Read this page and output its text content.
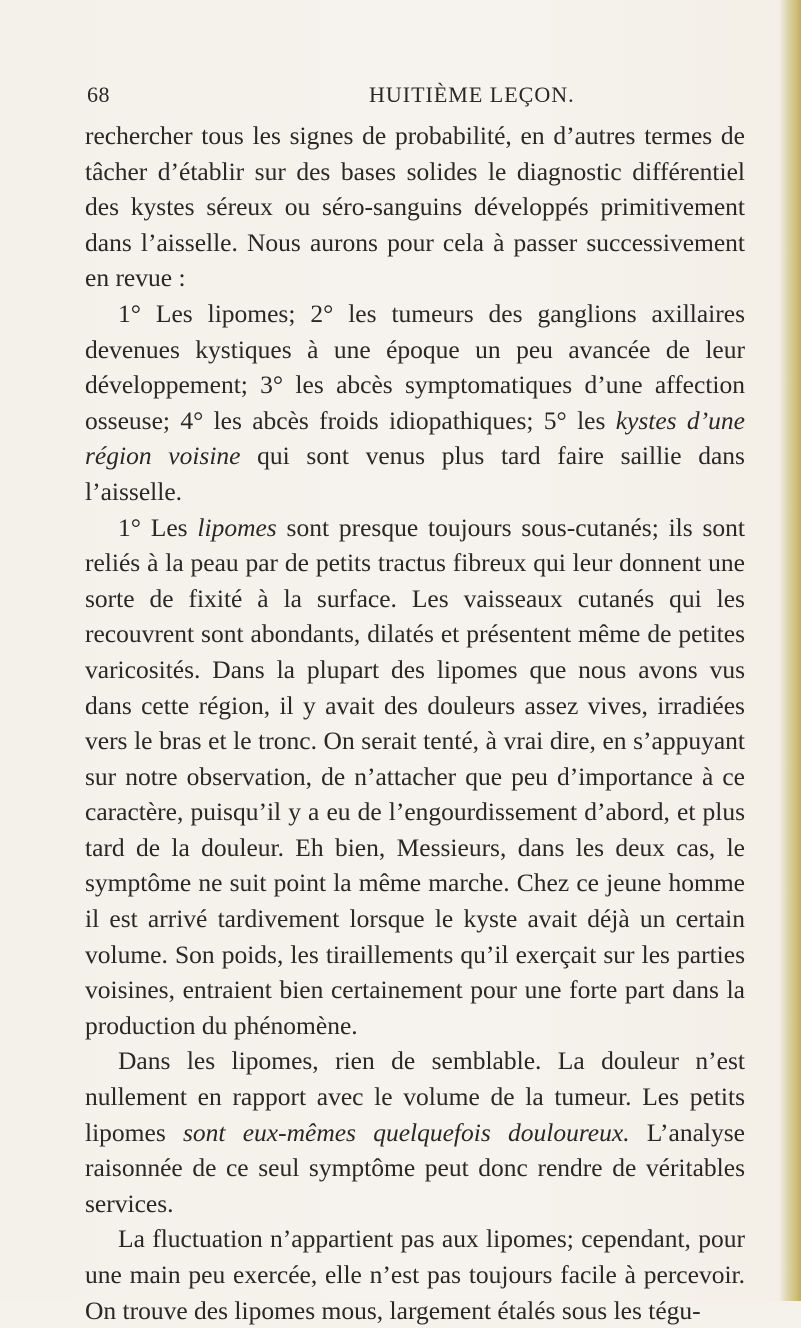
68	HUITIÈME LEÇON.

rechercher tous les signes de probabilité, en d’autres termes de tâcher d’établir sur des bases solides le diagnostic différentiel des kystes séreux ou séro-sanguins développés primitivement dans l’aisselle. Nous aurons pour cela à passer successivement en revue :

1° Les lipomes; 2° les tumeurs des ganglions axillaires devenues kystiques à une époque un peu avancée de leur développement; 3° les abcès symptomatiques d’une affection osseuse; 4° les abcès froids idiopathiques; 5° les kystes d’une région voisine qui sont venus plus tard faire saillie dans l’aisselle.

1° Les lipomes sont presque toujours sous-cutanés; ils sont reliés à la peau par de petits tractus fibreux qui leur donnent une sorte de fixité à la surface. Les vaisseaux cutanés qui les recouvrent sont abondants, dilatés et présentent même de petites varicosités. Dans la plupart des lipomes que nous avons vus dans cette région, il y avait des douleurs assez vives, irradiées vers le bras et le tronc. On serait tenté, à vrai dire, en s’appuyant sur notre observation, de n’attacher que peu d’importance à ce caractère, puisqu’il y a eu de l’engourdissement d’abord, et plus tard de la douleur. Eh bien, Messieurs, dans les deux cas, le symptôme ne suit point la même marche. Chez ce jeune homme il est arrivé tardivement lorsque le kyste avait déjà un certain volume. Son poids, les tiraillements qu’il exerçait sur les parties voisines, entraient bien certainement pour une forte part dans la production du phénomène.

Dans les lipomes, rien de semblable. La douleur n’est nullement en rapport avec le volume de la tumeur. Les petits lipomes sont eux-mêmes quelquefois douloureux. L’analyse raisonnée de ce seul symptôme peut donc rendre de véritables services.

La fluctuation n’appartient pas aux lipomes; cependant, pour une main peu exercée, elle n’est pas toujours facile à percevoir. On trouve des lipomes mous, largement étalés sous les tégu-
